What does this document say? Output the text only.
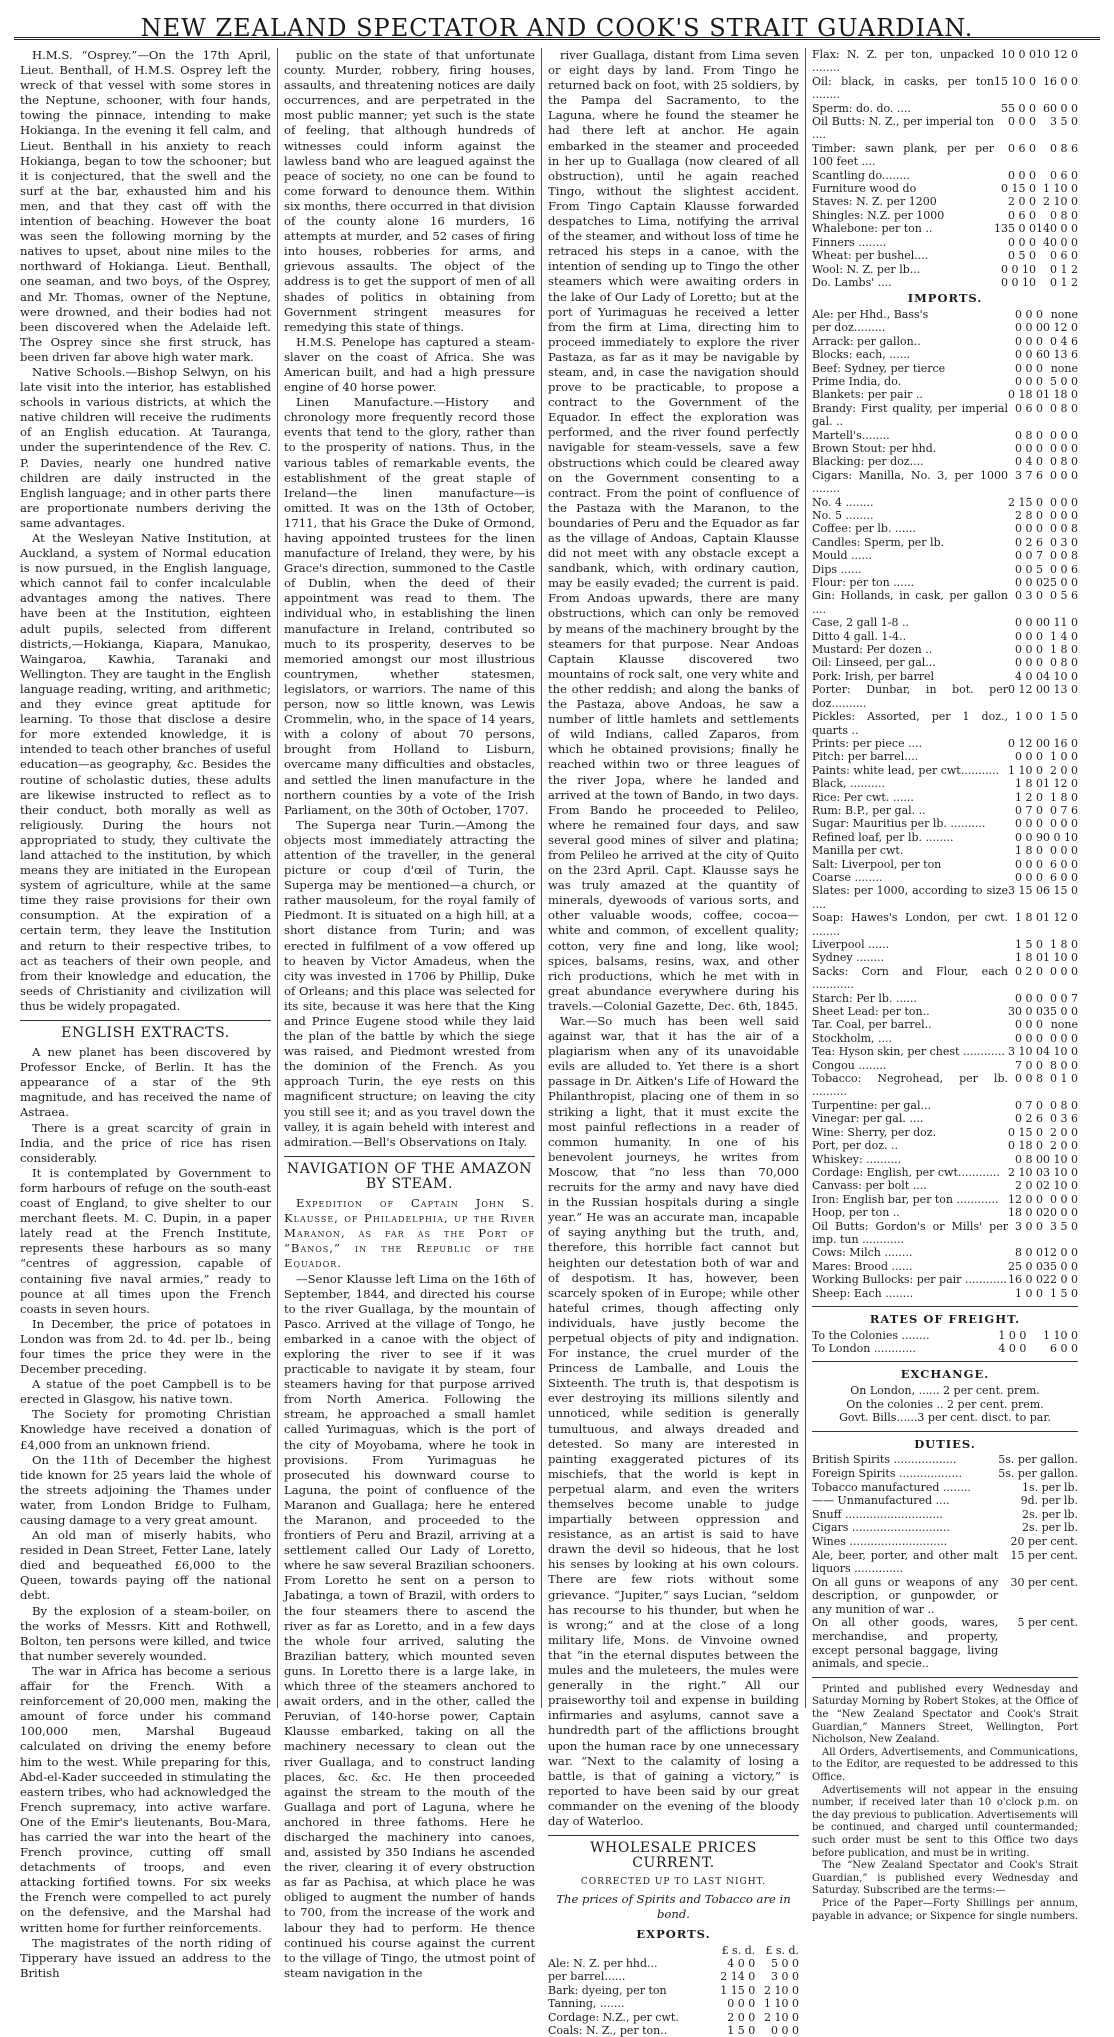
NEW ZEALAND SPECTATOR AND COOK'S STRAIT GUARDIAN.

H.M.S. “Osprey.”—On the 17th April, Lieut. Benthall, of H.M.S. Osprey left the wreck of that vessel with some stores in the Neptune, schooner, with four hands, towing the pinnace, intending to make Hokianga. In the evening it fell calm, and Lieut. Benthall in his anxiety to reach Hokianga, began to tow the schooner; but it is conjectured, that the swell and the surf at the bar, exhausted him and his men, and that they cast off with the intention of beaching. However the boat was seen the following morning by the natives to upset, about nine miles to the northward of Hokianga. Lieut. Benthall, one seaman, and two boys, of the Osprey, and Mr. Thomas, owner of the Neptune, were drowned, and their bodies had not been discovered when the Adelaide left. The Osprey since she first struck, has been driven far above high water mark.

Native Schools.—Bishop Selwyn, on his late visit into the interior, has established schools in various districts, at which the native children will receive the rudiments of an English education. At Tauranga, under the superintendence of the Rev. C. P. Davies, nearly one hundred native children are daily instructed in the English language; and in other parts there are proportionate numbers deriving the same advantages.

At the Wesleyan Native Institution, at Auckland, a system of Normal education is now pursued, in the English language, which cannot fail to confer incalculable advantages among the natives. There have been at the Institution, eighteen adult pupils, selected from different districts,—Hokianga, Kiapara, Manukao, Waingaroa, Kawhia, Taranaki and Wellington. They are taught in the English language reading, writing, and arithmetic; and they evince great aptitude for learning. To those that disclose a desire for more extended knowledge, it is intended to teach other branches of useful education—as geography, &c. Besides the routine of scholastic duties, these adults are likewise instructed to reflect as to their conduct, both morally as well as religiously. During the hours not appropriated to study, they cultivate the land attached to the institution, by which means they are initiated in the European system of agriculture, while at the same time they raise provisions for their own consumption. At the expiration of a certain term, they leave the Institution and return to their respective tribes, to act as teachers of their own people, and from their knowledge and education, the seeds of Christianity and civilization will thus be widely propagated.

ENGLISH EXTRACTS.

A new planet has been discovered by Professor Encke, of Berlin. It has the appearance of a star of the 9th magnitude, and has received the name of Astraea.

There is a great scarcity of grain in India, and the price of rice has risen considerably.

It is contemplated by Government to form harbours of refuge on the south-east coast of England, to give shelter to our merchant fleets. M. C. Dupin, in a paper lately read at the French Institute, represents these harbours as so many “centres of aggression, capable of containing five naval armies,” ready to pounce at all times upon the French coasts in seven hours.

In December, the price of potatoes in London was from 2d. to 4d. per lb., being four times the price they were in the December preceding.

A statue of the poet Campbell is to be erected in Glasgow, his native town.

The Society for promoting Christian Knowledge have received a donation of £4,000 from an unknown friend.

On the 11th of December the highest tide known for 25 years laid the whole of the streets adjoining the Thames under water, from London Bridge to Fulham, causing damage to a very great amount.

An old man of miserly habits, who resided in Dean Street, Fetter Lane, lately died and bequeathed £6,000 to the Queen, towards paying off the national debt.

By the explosion of a steam-boiler, on the works of Messrs. Kitt and Rothwell, Bolton, ten persons were killed, and twice that number severely wounded.

The war in Africa has become a serious affair for the French. With a reinforcement of 20,000 men, making the amount of force under his command 100,000 men, Marshal Bugeaud calculated on driving the enemy before him to the west. While preparing for this, Abd-el-Kader succeeded in stimulating the eastern tribes, who had acknowledged the French supremacy, into active warfare. One of the Emir's lieutenants, Bou-Mara, has carried the war into the heart of the French province, cutting off small detachments of troops, and even attacking fortified towns. For six weeks the French were compelled to act purely on the defensive, and the Marshal had written home for further reinforcements.

The magistrates of the north riding of Tipperary have issued an address to the British

public on the state of that unfortunate county. Murder, robbery, firing houses, assaults, and threatening notices are daily occurrences, and are perpetrated in the most public manner; yet such is the state of feeling, that although hundreds of witnesses could inform against the lawless band who are leagued against the peace of society, no one can be found to come forward to denounce them. Within six months, there occurred in that division of the county alone 16 murders, 16 attempts at murder, and 52 cases of firing into houses, robberies for arms, and grievous assaults. The object of the address is to get the support of men of all shades of politics in obtaining from Government stringent measures for remedying this state of things.

H.M.S. Penelope has captured a steam-slaver on the coast of Africa. She was American built, and had a high pressure engine of 40 horse power.

Linen Manufacture.—History and chronology more frequently record those events that tend to the glory, rather than to the prosperity of nations. Thus, in the various tables of remarkable events, the establishment of the great staple of Ireland—the linen manufacture—is omitted. It was on the 13th of October, 1711, that his Grace the Duke of Ormond, having appointed trustees for the linen manufacture of Ireland, they were, by his Grace's direction, summoned to the Castle of Dublin, when the deed of their appointment was read to them. The individual who, in establishing the linen manufacture in Ireland, contributed so much to its prosperity, deserves to be memoried amongst our most illustrious countrymen, whether statesmen, legislators, or warriors. The name of this person, now so little known, was Lewis Crommelin, who, in the space of 14 years, with a colony of about 70 persons, brought from Holland to Lisburn, overcame many difficulties and obstacles, and settled the linen manufacture in the northern counties by a vote of the Irish Parliament, on the 30th of October, 1707.

The Superga near Turin.—Among the objects most immediately attracting the attention of the traveller, in the general picture or coup d'œil of Turin, the Superga may be mentioned—a church, or rather mausoleum, for the royal family of Piedmont. It is situated on a high hill, at a short distance from Turin; and was erected in fulfilment of a vow offered up to heaven by Victor Amadeus, when the city was invested in 1706 by Phillip, Duke of Orleans; and this place was selected for its site, because it was here that the King and Prince Eugene stood while they laid the plan of the battle by which the siege was raised, and Piedmont wrested from the dominion of the French. As you approach Turin, the eye rests on this magnificent structure; on leaving the city you still see it; and as you travel down the valley, it is again beheld with interest and admiration.—Bell's Observations on Italy.

NAVIGATION OF THE AMAZON BY STEAM.

Expedition of Captain John S. Klausse, of Philadelphia, up the River Maranon, as far as the Port of “Banos,” in the Republic of the Equador.

—Senor Klausse left Lima on the 16th of September, 1844, and directed his course to the river Guallaga, by the mountain of Pasco. Arrived at the village of Tongo, he embarked in a canoe with the object of exploring the river to see if it was practicable to navigate it by steam, four steamers having for that purpose arrived from North America. Following the stream, he approached a small hamlet called Yurimaguas, which is the port of the city of Moyobama, where he took in provisions. From Yurimaguas he prosecuted his downward course to Laguna, the point of confluence of the Maranon and Guallaga; here he entered the Maranon, and proceeded to the frontiers of Peru and Brazil, arriving at a settlement called Our Lady of Loretto, where he saw several Brazilian schooners. From Loretto he sent on a person to Jabatinga, a town of Brazil, with orders to the four steamers there to ascend the river as far as Loretto, and in a few days the whole four arrived, saluting the Brazilian battery, which mounted seven guns. In Loretto there is a large lake, in which three of the steamers anchored to await orders, and in the other, called the Peruvian, of 140-horse power, Captain Klausse embarked, taking on all the machinery necessary to clean out the river Guallaga, and to construct landing places, &c. &c. He then proceeded against the stream to the mouth of the Guallaga and port of Laguna, where he anchored in three fathoms. Here he discharged the machinery into canoes, and, assisted by 350 Indians he ascended the river, clearing it of every obstruction as far as Pachisa, at which place he was obliged to augment the number of hands to 700, from the increase of the work and labour they had to perform. He thence continued his course against the current to the village of Tingo, the utmost point of steam navigation in the

river Guallaga, distant from Lima seven or eight days by land. From Tingo he returned back on foot, with 25 soldiers, by the Pampa del Sacramento, to the Laguna, where he found the steamer he had there left at anchor. He again embarked in the steamer and proceeded in her up to Guallaga (now cleared of all obstruction), until he again reached Tingo, without the slightest accident. From Tingo Captain Klausse forwarded despatches to Lima, notifying the arrival of the steamer, and without loss of time he retraced his steps in a canoe, with the intention of sending up to Tingo the other steamers which were awaiting orders in the lake of Our Lady of Loretto; but at the port of Yurimaguas he received a letter from the firm at Lima, directing him to proceed immediately to explore the river Pastaza, as far as it may be navigable by steam, and, in case the navigation should prove to be practicable, to propose a contract to the Government of the Equador. In effect the exploration was performed, and the river found perfectly navigable for steam-vessels, save a few obstructions which could be cleared away on the Government consenting to a contract. From the point of confluence of the Pastaza with the Maranon, to the boundaries of Peru and the Equador as far as the village of Andoas, Captain Klausse did not meet with any obstacle except a sandbank, which, with ordinary caution, may be easily evaded; the current is paid. From Andoas upwards, there are many obstructions, which can only be removed by means of the machinery brought by the steamers for that purpose. Near Andoas Captain Klausse discovered two mountains of rock salt, one very white and the other reddish; and along the banks of the Pastaza, above Andoas, he saw a number of little hamlets and settlements of wild Indians, called Zaparos, from which he obtained provisions; finally he reached within two or three leagues of the river Jopa, where he landed and arrived at the town of Bando, in two days. From Bando he proceeded to Pelileo, where he remained four days, and saw several good mines of silver and platina; from Pelileo he arrived at the city of Quito on the 23rd April. Capt. Klausse says he was truly amazed at the quantity of minerals, dyewoods of various sorts, and other valuable woods, coffee, cocoa—white and common, of excellent quality; cotton, very fine and long, like wool; spices, balsams, resins, wax, and other rich productions, which he met with in great abundance everywhere during his travels.—Colonial Gazette, Dec. 6th, 1845.

War.—So much has been well said against war, that it has the air of a plagiarism when any of its unavoidable evils are alluded to. Yet there is a short passage in Dr. Aitken's Life of Howard the Philanthropist, placing one of them in so striking a light, that it must excite the most painful reflections in a reader of common humanity. In one of his benevolent journeys, he writes from Moscow, that “no less than 70,000 recruits for the army and navy have died in the Russian hospitals during a single year.” He was an accurate man, incapable of saying anything but the truth, and, therefore, this horrible fact cannot but heighten our detestation both of war and of despotism. It has, however, been scarcely spoken of in Europe; while other hateful crimes, though affecting only individuals, have justly become the perpetual objects of pity and indignation. For instance, the cruel murder of the Princess de Lamballe, and Louis the Sixteenth. The truth is, that despotism is ever destroying its millions silently and unnoticed, while sedition is generally tumultuous, and always dreaded and detested. So many are interested in painting exaggerated pictures of its mischiefs, that the world is kept in perpetual alarm, and even the writers themselves become unable to judge impartially between oppression and resistance, as an artist is said to have drawn the devil so hideous, that he lost his senses by looking at his own colours. There are few riots without some grievance. “Jupiter,” says Lucian, “seldom has recourse to his thunder, but when he is wrong;” and at the close of a long military life, Mons. de Vinvoine owned that “in the eternal disputes between the mules and the muleteers, the mules were generally in the right.” All our praiseworthy toil and expense in building infirmaries and asylums, cannot save a hundredth part of the afflictions brought upon the human race by one unnecessary war. “Next to the calamity of losing a battle, is that of gaining a victory,” is reported to have been said by our great commander on the evening of the bloody day of Waterloo.

WHOLESALE PRICES CURRENT.
CORRECTED UP TO LAST NIGHT.
The prices of Spirits and Tobacco are in bond.
EXPORTS.
	£ s. d.	£ s. d.
Ale: N. Z. per hhd...	4 0 0	5 0 0
per barrel......	2 14 0	3 0 0
Bark: dyeing, per ton	1 15 0	2 10 0
Tanning, .......	0 0 0	1 10 0
Cordage: N.Z., per cwt.	2 0 0	2 10 0
Coals: N. Z., per ton..	1 5 0	0 0 0
Flax: N. Z. per ton, unpacked ........	10 0 0	10 12 0
Oil: black, in casks, per ton ........	15 10 0	16 0 0
Sperm: do. do. ....	55 0 0	60 0 0
Oil Butts: N. Z., per imperial ton ....	0 0 0	3 5 0
Timber: sawn plank, per per 100 feet ....	0 6 0	0 8 6
Scantling do........	0 0 0	0 6 0
Furniture wood do	0 15 0	1 10 0
Staves: N. Z. per 1200	2 0 0	2 10 0
Shingles: N.Z. per 1000	0 6 0	0 8 0
Whalebone: per ton ..	135 0 0	140 0 0
Finners ........	0 0 0	40 0 0
Wheat: per bushel....	0 5 0	0 6 0
Wool: N. Z. per lb...	0 0 10	0 1 2
Do. Lambs' ....	0 0 10	0 1 2
IMPORTS.
Ale: per Hhd., Bass's	0 0 0	none
per doz.........	0 0 0	0 12 0
Arrack: per gallon..	0 0 0	0 4 6
Blocks: each, ......	0 0 6	0 13 6
Beef: Sydney, per tierce	0 0 0	none
Prime India, do.	0 0 0	5 0 0
Blankets: per pair ..	0 18 0	1 18 0
Brandy: First quality, per imperial gal. ..	0 6 0	0 8 0
Martell's........	0 8 0	0 0 0
Brown Stout: per hhd.	0 0 0	0 0 0
Blacking: per doz....	0 4 0	0 8 0
Cigars: Manilla, No. 3, per 1000 ........	3 7 6	0 0 0
No. 4 ........	2 15 0	0 0 0
No. 5 ........	2 8 0	0 0 0
Coffee: per lb. ......	0 0 0	0 0 8
Candles: Sperm, per lb.	0 2 6	0 3 0
Mould ......	0 0 7	0 0 8
Dips ......	0 0 5	0 0 6
Flour: per ton ......	0 0 0	25 0 0
Gin: Hollands, in cask, per gallon ....	0 3 0	0 5 6
Case, 2 gall 1-8 ..	0 0 0	0 11 0
Ditto 4 gall. 1-4..	0 0 0	1 4 0
Mustard: Per dozen ..	0 0 0	1 8 0
Oil: Linseed, per gal...	0 0 0	0 8 0
Pork: Irish, per barrel	4 0 0	4 10 0
Porter: Dunbar, in bot. per doz..........	0 12 0	0 13 0
Pickles: Assorted, per 1 doz., quarts ..	1 0 0	1 5 0
Prints: per piece ....	0 12 0	0 16 0
Pitch: per barrel....	0 0 0	1 0 0
Paints: white lead, per cwt...........	1 10 0	2 0 0
Black, ..........	1 8 0	1 12 0
Rice: Per cwt. ......	1 2 0	1 8 0
Rum: B.P., per gal. ..	0 7 0	0 7 6
Sugar: Mauritius per lb. ..........	0 0 0	0 0 0
Refined loaf, per lb. ........	0 0 9	0 0 10
Manilla per cwt.	1 8 0	0 0 0
Salt: Liverpool, per ton	0 0 0	6 0 0
Coarse ........	0 0 0	6 0 0
Slates: per 1000, according to size ....	3 15 0	6 15 0
Soap: Hawes's London, per cwt. ........	1 8 0	1 12 0
Liverpool ......	1 5 0	1 8 0
Sydney ........	1 8 0	1 10 0
Sacks: Corn and Flour, each ............	0 2 0	0 0 0
Starch: Per lb. ......	0 0 0	0 0 7
Sheet Lead: per ton..	30 0 0	35 0 0
Tar. Coal, per barrel..	0 0 0	none
Stockholm, ....	0 0 0	0 0 0
Tea: Hyson skin, per chest ............	3 10 0	4 10 0
Congou ........	7 0 0	8 0 0
Tobacco: Negrohead, per lb. ..........	0 0 8	0 1 0
Turpentine: per gal...	0 7 0	0 8 0
Vinegar: per gal. ....	0 2 6	0 3 6
Wine: Sherry, per doz.	0 15 0	2 0 0
Port, per doz. ..	0 18 0	2 0 0
Whiskey: ..........	0 8 0	0 10 0
Cordage: English, per cwt............	2 10 0	3 10 0
Canvass: per bolt ....	2 0 0	2 10 0
Iron: English bar, per ton ............	12 0 0	0 0 0
Hoop, per ton ..	18 0 0	20 0 0
Oil Butts: Gordon's or Mills' per imp. tun ............	3 0 0	3 5 0
Cows: Milch ........	8 0 0	12 0 0
Mares: Brood ......	25 0 0	35 0 0
Working Bullocks: per pair ............	16 0 0	22 0 0
Sheep: Each ........	1 0 0	1 5 0
RATES OF FREIGHT.
To the Colonies ........	1 0 0	1 10 0
To London ............	4 0 0	6 0 0
EXCHANGE.
On London, ...... 2 per cent. prem.
On the colonies .. 2 per cent. prem.
Govt. Bills......3 per cent. disct. to par.
DUTIES.
British Spirits ..................	5s. per gallon.
Foreign Spirits ..................	5s. per gallon.
Tobacco manufactured ........	1s. per lb.
—— Unmanufactured ....	9d. per lb.
Snuff ............................	2s. per lb.
Cigars ............................	2s. per lb.
Wines ............................	20 per cent.
Ale, beer, porter, and other malt liquors ..............	15 per cent.
On all guns or weapons of any description, or gunpowder, or any munition of war ..	30 per cent.
On all other goods, wares, merchandise, and property, except personal baggage, living animals, and specie..	5 per cent.

Printed and published every Wednesday and Saturday Morning by Robert Stokes, at the Office of the “New Zealand Spectator and Cook's Strait Guardian,” Manners Street, Wellington, Port Nicholson, New Zealand.

All Orders, Advertisements, and Communications, to the Editor, are requested to be addressed to this Office.

Advertisements will not appear in the ensuing number, if received later than 10 o'clock p.m. on the day previous to publication. Advertisements will be continued, and charged until countermanded; such order must be sent to this Office two days before publication, and must be in writing.

The “New Zealand Spectator and Cook's Strait Guardian,” is published every Wednesday and Saturday. Subscribed are the terms:—

Price of the Paper—Forty Shillings per annum, payable in advance; or Sixpence for single numbers.
